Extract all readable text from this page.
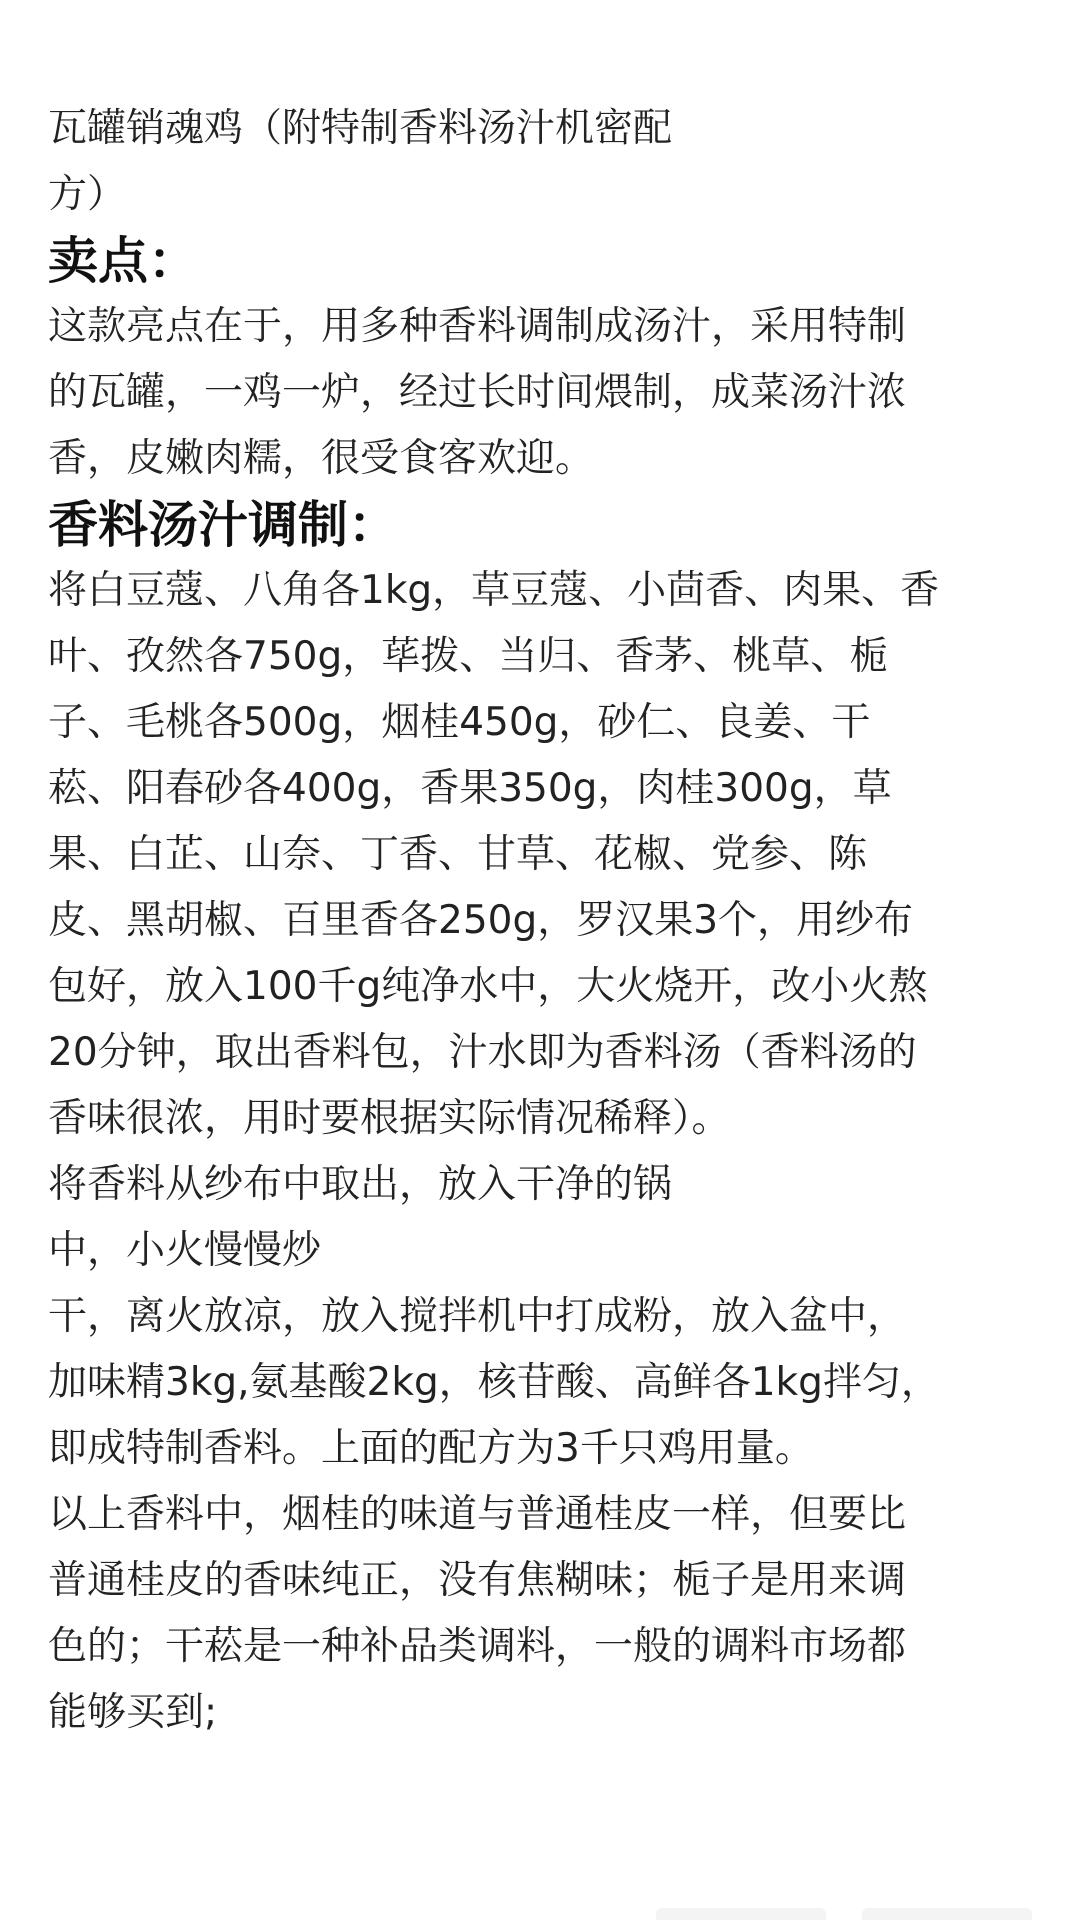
瓦罐销魂鸡（附特制香料汤汁机密配
方）
卖点：
这款亮点在于，用多种香料调制成汤汁，采用特制
的瓦罐，一鸡一炉，经过长时间煨制，成菜汤汁浓
香，皮嫩肉糯，很受食客欢迎。
香料汤汁调制：
将白豆蔻、八角各1kg，草豆蔻、小茴香、肉果、香
叶、孜然各750g，荜拨、当归、香茅、桃草、栀
子、毛桃各500g，烟桂450g，砂仁、良姜、干
菘、阳春砂各400g，香果350g，肉桂300g，草
果、白芷、山奈、丁香、甘草、花椒、党参、陈
皮、黑胡椒、百里香各250g，罗汉果3个，用纱布
包好，放入100千g纯净水中，大火烧开，改小火熬
20分钟，取出香料包，汁水即为香料汤（香料汤的
香味很浓，用时要根据实际情况稀释）。
将香料从纱布中取出，放入干净的锅
中，小火慢慢炒
干，离火放凉，放入搅拌机中打成粉，放入盆中，
加味精3kg,氨基酸2kg，核苷酸、高鲜各1kg拌匀，
即成特制香料。上面的配方为3千只鸡用量。
以上香料中，烟桂的味道与普通桂皮一样，但要比
普通桂皮的香味纯正，没有焦糊味；栀子是用来调
色的；干菘是一种补品类调料，一般的调料市场都
能够买到;
